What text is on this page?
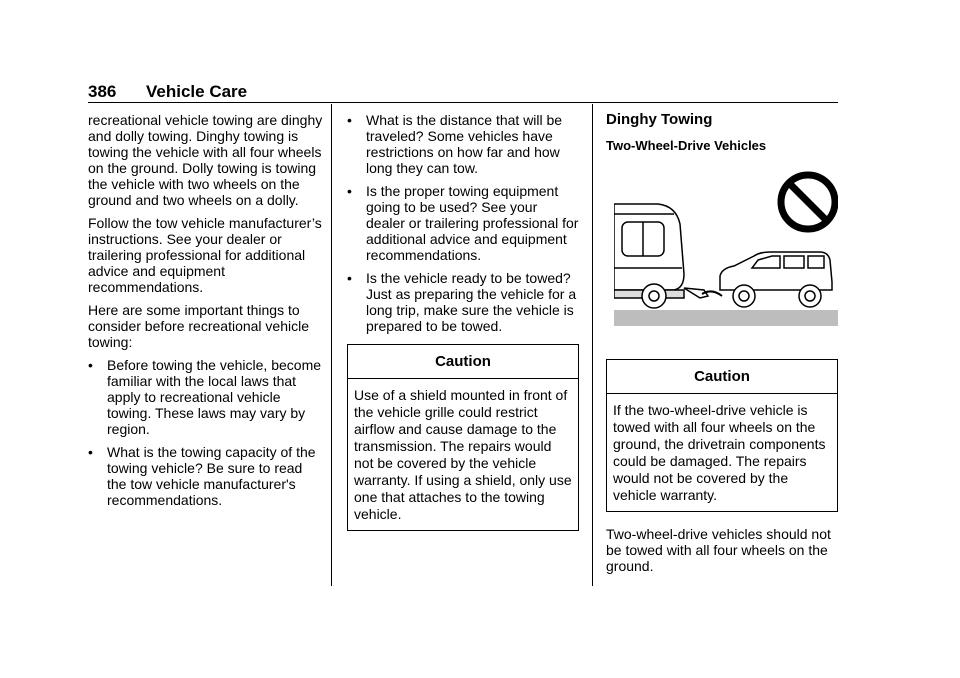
386 Vehicle Care

recreational vehicle towing are dinghy and dolly towing. Dinghy towing is towing the vehicle with all four wheels on the ground. Dolly towing is towing the vehicle with two wheels on the ground and two wheels on a dolly.

Follow the tow vehicle manufacturer’s instructions. See your dealer or trailering professional for additional advice and equipment recommendations.

Here are some important things to consider before recreational vehicle towing:

• Before towing the vehicle, become familiar with the local laws that apply to recreational vehicle towing. These laws may vary by region.
• What is the towing capacity of the towing vehicle? Be sure to read the tow vehicle manufacturer's recommendations.
• What is the distance that will be traveled? Some vehicles have restrictions on how far and how long they can tow.
• Is the proper towing equipment going to be used? See your dealer or trailering professional for additional advice and equipment recommendations.
• Is the vehicle ready to be towed? Just as preparing the vehicle for a long trip, make sure the vehicle is prepared to be towed.
Caution
Use of a shield mounted in front of the vehicle grille could restrict airflow and cause damage to the transmission. The repairs would not be covered by the vehicle warranty. If using a shield, only use one that attaches to the towing vehicle.
Dinghy Towing
Two-Wheel-Drive Vehicles
Caution
If the two-wheel-drive vehicle is towed with all four wheels on the ground, the drivetrain components could be damaged. The repairs would not be covered by the vehicle warranty.

Two-wheel-drive vehicles should not be towed with all four wheels on the ground.
